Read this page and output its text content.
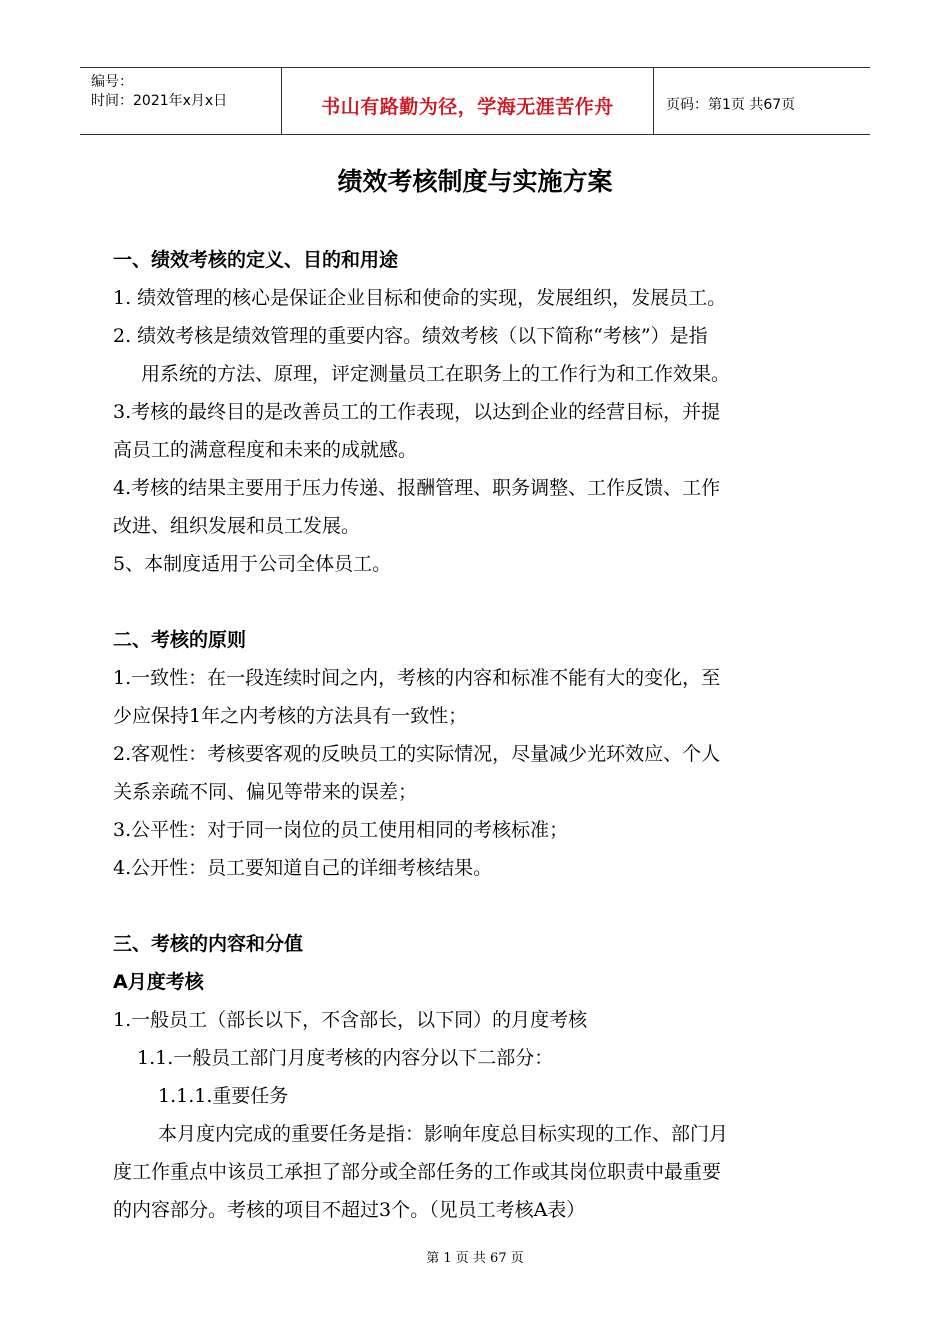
编号：
时间：2021年x月x日	书山有路勤为径，学海无涯苦作舟	页码：第1页 共67页
绩效考核制度与实施方案
一、绩效考核的定义、目的和用途
1. 绩效管理的核心是保证企业目标和使命的实现，发展组织，发展员工。
2. 绩效考核是绩效管理的重要内容。绩效考核（以下简称“考核”）是指
用系统的方法、原理，评定测量员工在职务上的工作行为和工作效果。
3.考核的最终目的是改善员工的工作表现，以达到企业的经营目标，并提
高员工的满意程度和未来的成就感。
4.考核的结果主要用于压力传递、报酬管理、职务调整、工作反馈、工作
改进、组织发展和员工发展。
5、本制度适用于公司全体员工。
二、考核的原则
1.一致性：在一段连续时间之内，考核的内容和标准不能有大的变化，至
少应保持1年之内考核的方法具有一致性；
2.客观性：考核要客观的反映员工的实际情况，尽量减少光环效应、个人
关系亲疏不同、偏见等带来的误差；
3.公平性：对于同一岗位的员工使用相同的考核标准；
4.公开性：员工要知道自己的详细考核结果。
三、考核的内容和分值
A月度考核
1.一般员工（部长以下，不含部长，以下同）的月度考核
1.1.一般员工部门月度考核的内容分以下二部分：
1.1.1.重要任务
本月度内完成的重要任务是指：影响年度总目标实现的工作、部门月
度工作重点中该员工承担了部分或全部任务的工作或其岗位职责中最重要
的内容部分。考核的项目不超过3个。（见员工考核A表）
第 1 页 共 67 页
